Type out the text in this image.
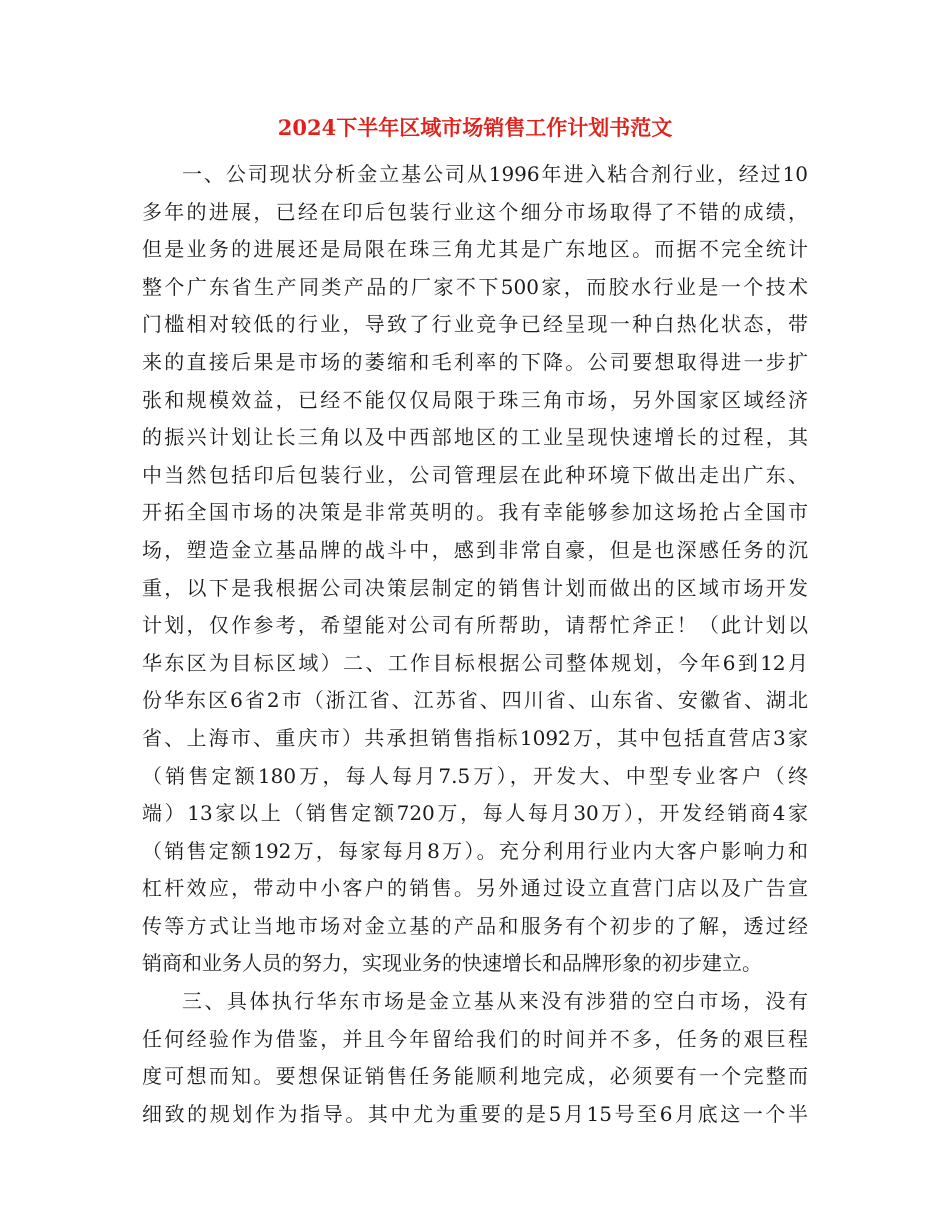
2024下半年区域市场销售工作计划书范文
一、公司现状分析金立基公司从1996年进入粘合剂行业，经过10
多年的进展，已经在印后包装行业这个细分市场取得了不错的成绩，
但是业务的进展还是局限在珠三角尤其是广东地区。而据不完全统计
整个广东省生产同类产品的厂家不下500家，而胶水行业是一个技术
门槛相对较低的行业，导致了行业竞争已经呈现一种白热化状态，带
来的直接后果是市场的萎缩和毛利率的下降。公司要想取得进一步扩
张和规模效益，已经不能仅仅局限于珠三角市场，另外国家区域经济
的振兴计划让长三角以及中西部地区的工业呈现快速增长的过程，其
中当然包括印后包装行业，公司管理层在此种环境下做出走出广东、
开拓全国市场的决策是非常英明的。我有幸能够参加这场抢占全国市
场，塑造金立基品牌的战斗中，感到非常自豪，但是也深感任务的沉
重，以下是我根据公司决策层制定的销售计划而做出的区域市场开发
计划，仅作参考，希望能对公司有所帮助，请帮忙斧正！（此计划以
华东区为目标区域）二、工作目标根据公司整体规划，今年6到12月
份华东区6省2市（浙江省、江苏省、四川省、山东省、安徽省、湖北
省、上海市、重庆市）共承担销售指标1092万，其中包括直营店3家
（销售定额180万，每人每月7.5万），开发大、中型专业客户（终
端）13家以上（销售定额720万，每人每月30万），开发经销商4家
（销售定额192万，每家每月8万）。充分利用行业内大客户影响力和
杠杆效应，带动中小客户的销售。另外通过设立直营门店以及广告宣
传等方式让当地市场对金立基的产品和服务有个初步的了解，透过经
销商和业务人员的努力，实现业务的快速增长和品牌形象的初步建立。
三、具体执行华东市场是金立基从来没有涉猎的空白市场，没有
任何经验作为借鉴，并且今年留给我们的时间并不多，任务的艰巨程
度可想而知。要想保证销售任务能顺利地完成，必须要有一个完整而
细致的规划作为指导。其中尤为重要的是5月15号至6月底这一个半
